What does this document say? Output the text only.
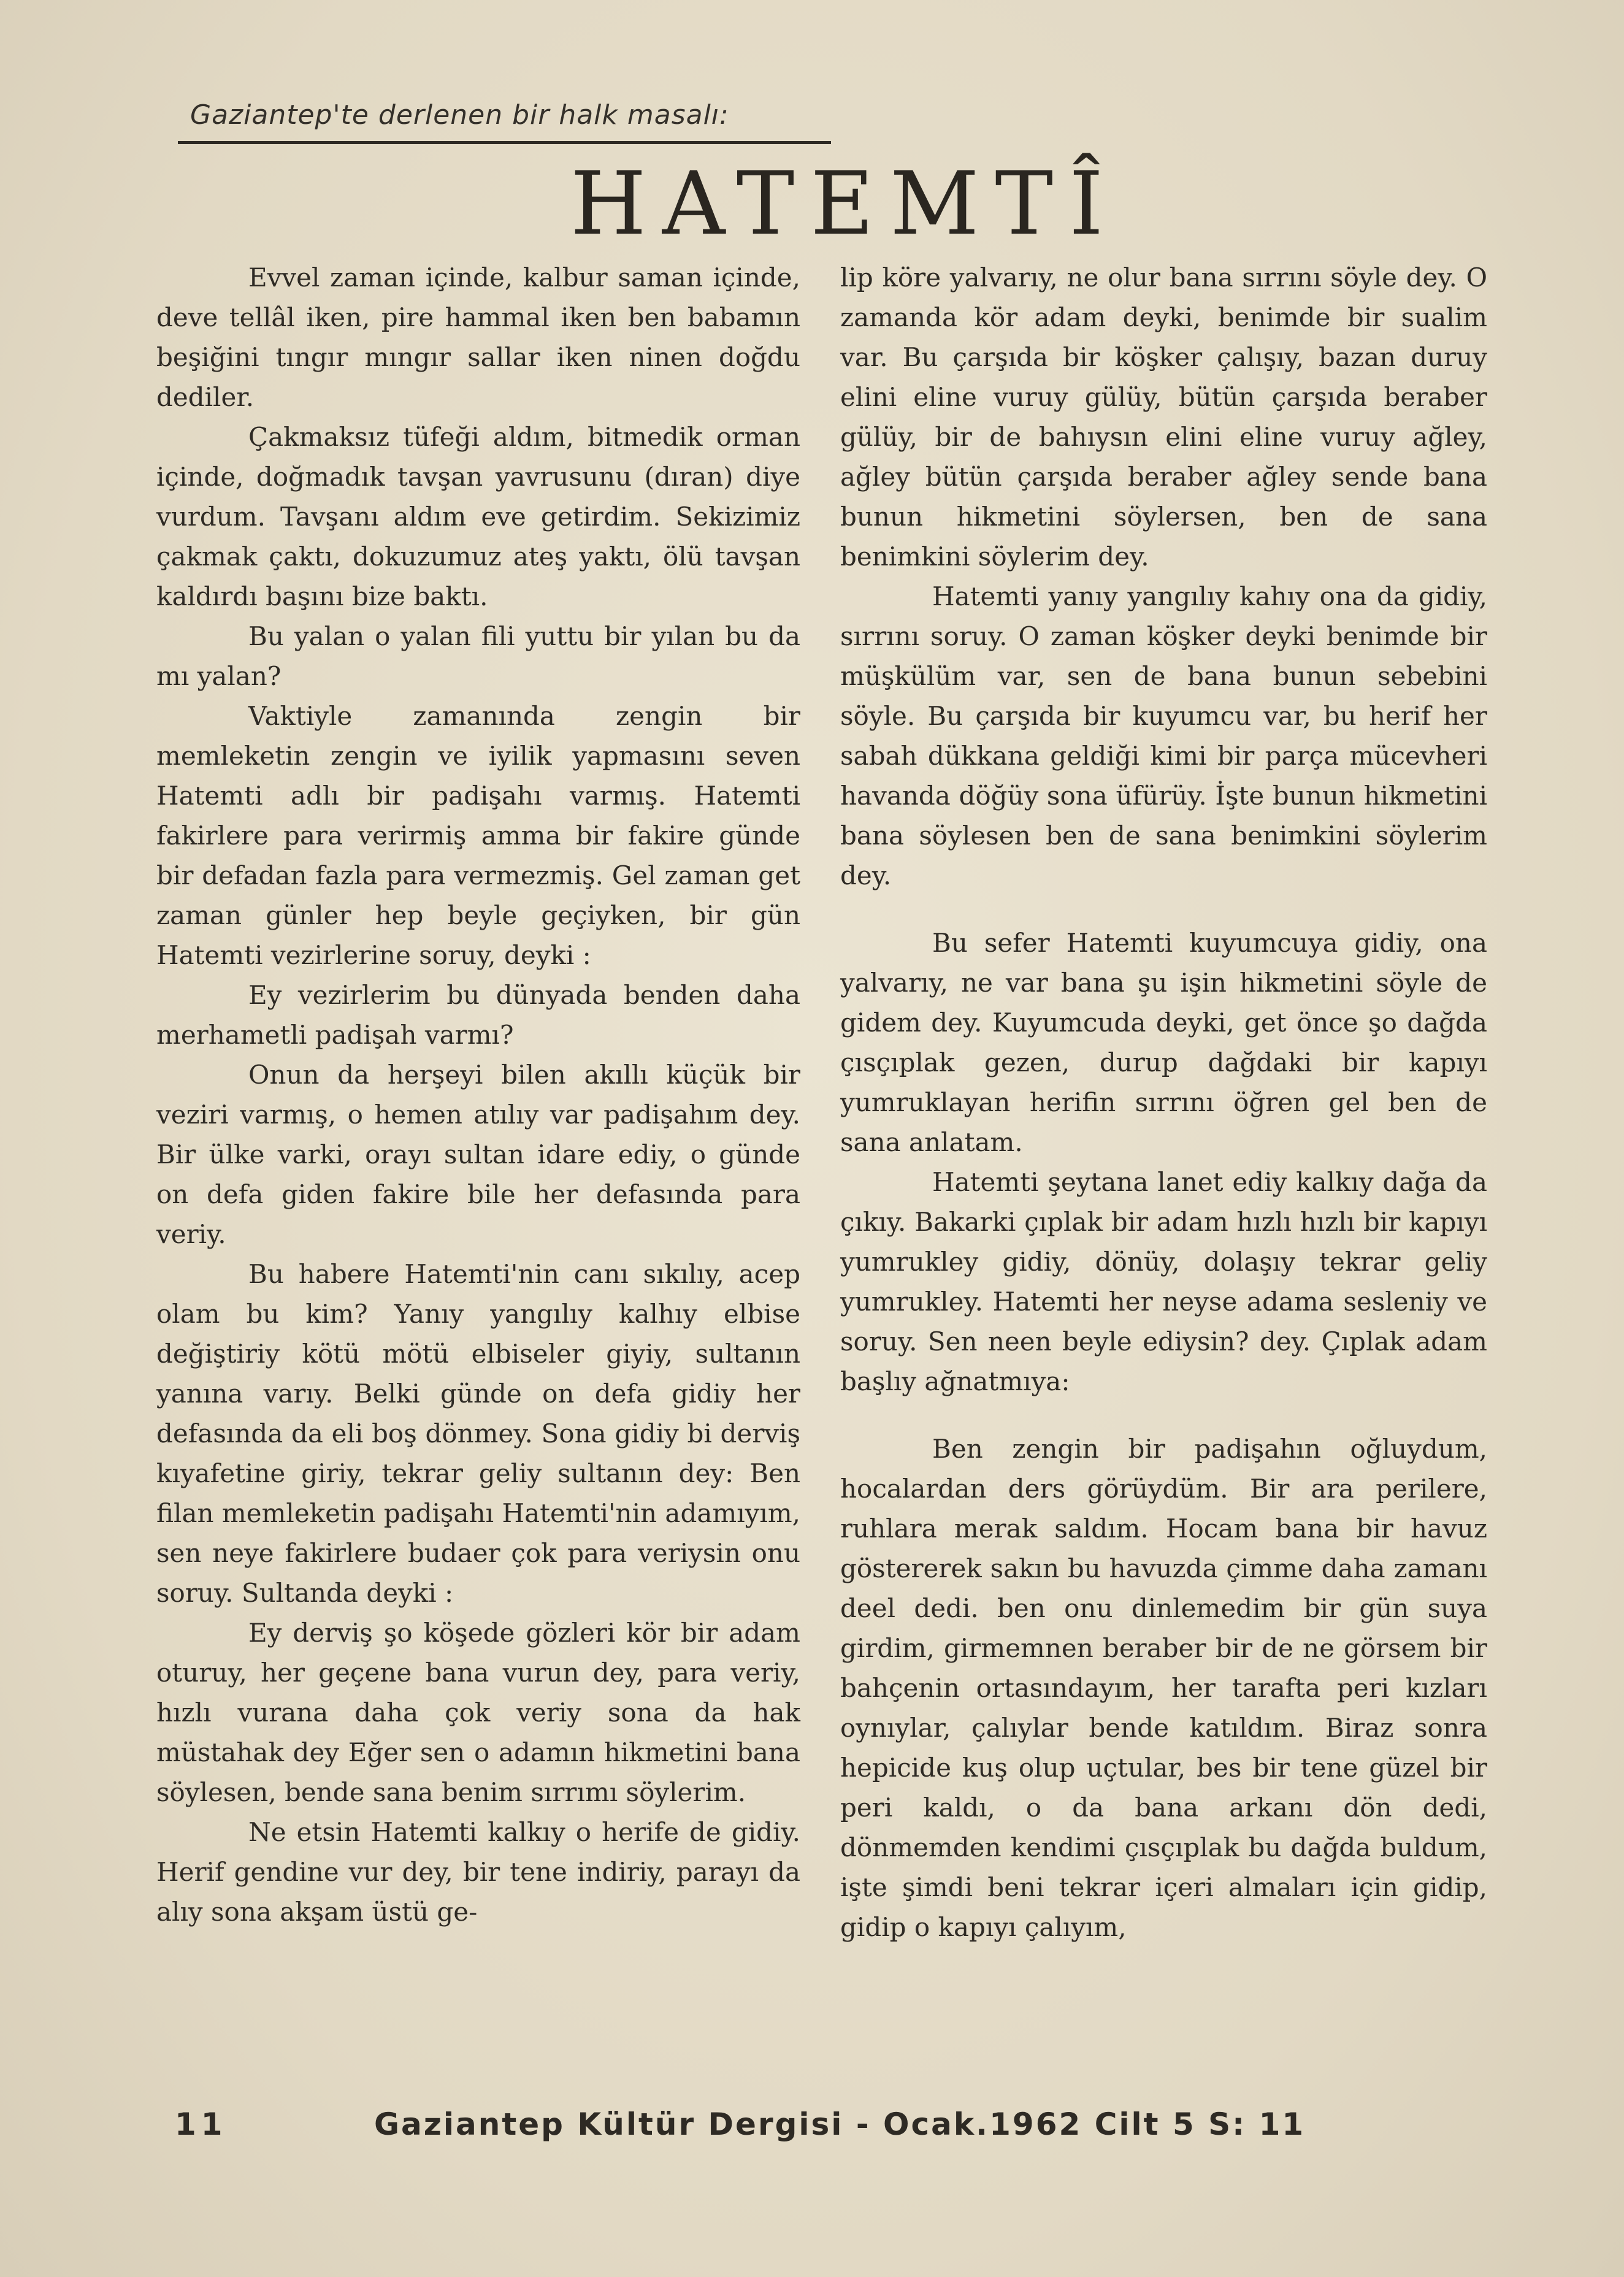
Gaziantep'te derlenen bir halk masalı:
HATEMTÎ

Evvel zaman içinde, kalbur saman içinde, deve tellâl iken, pire hammal iken ben babamın beşiğini tıngır mıngır sallar iken ninen doğdu dediler.

Çakmaksız tüfeği aldım, bitmedik orman içinde, doğmadık tavşan yavrusunu (dıran) diye vurdum. Tavşanı aldım eve getirdim. Sekizimiz çakmak çaktı, dokuzumuz ateş yaktı, ölü tavşan kaldırdı başını bize baktı.

Bu yalan o yalan fili yuttu bir yılan bu da mı yalan?

Vaktiyle zamanında zengin bir memleketin zengin ve iyilik yapmasını seven Hatemti adlı bir padişahı varmış. Hatemti fakirlere para verirmiş amma bir fakire günde bir defadan fazla para vermezmiş. Gel zaman get zaman günler hep beyle geçiyken, bir gün Hatemti vezirlerine soruy, deyki :

Ey vezirlerim bu dünyada benden daha merhametli padişah varmı?

Onun da herşeyi bilen akıllı küçük bir veziri varmış, o hemen atılıy var padişahım dey. Bir ülke varki, orayı sultan idare ediy, o günde on defa giden fakire bile her defasında para veriy.

Bu habere Hatemti'nin canı sıkılıy, acep olam bu kim? Yanıy yangılıy kalhıy elbise değiştiriy kötü mötü elbiseler giyiy, sultanın yanına varıy. Belki günde on defa gidiy her defasında da eli boş dönmey. Sona gidiy bi derviş kıyafetine giriy, tekrar geliy sultanın dey: Ben filan memleketin padişahı Hatemti'nin adamıyım, sen neye fakirlere budaer çok para veriysin onu soruy. Sultanda deyki :

Ey derviş şo köşede gözleri kör bir adam oturuy, her geçene bana vurun dey, para veriy, hızlı vurana daha çok veriy sona da hak müstahak dey Eğer sen o adamın hikmetini bana söylesen, bende sana benim sırrımı söylerim.

Ne etsin Hatemti kalkıy o herife de gidiy. Herif gendine vur dey, bir tene indiriy, parayı da alıy sona akşam üstü ge-

lip köre yalvarıy, ne olur bana sırrını söyle dey. O zamanda kör adam deyki, benimde bir sualim var. Bu çarşıda bir köşker çalışıy, bazan duruy elini eline vuruy gülüy, bütün çarşıda beraber gülüy, bir de bahıysın elini eline vuruy ağley, ağley bütün çarşıda beraber ağley sende bana bunun hikmetini söylersen, ben de sana benimkini söylerim dey.

Hatemti yanıy yangılıy kahıy ona da gidiy, sırrını soruy. O zaman köşker deyki benimde bir müşkülüm var, sen de bana bunun sebebini söyle. Bu çarşıda bir kuyumcu var, bu herif her sabah dükkana geldiği kimi bir parça mücevheri havanda döğüy sona üfürüy. İşte bunun hikmetini bana söylesen ben de sana benimkini söylerim dey.

Bu sefer Hatemti kuyumcuya gidiy, ona yalvarıy, ne var bana şu işin hikmetini söyle de gidem dey. Kuyumcuda deyki, get önce şo dağda çısçıplak gezen, durup dağdaki bir kapıyı yumruklayan herifin sırrını öğren gel ben de sana anlatam.

Hatemti şeytana lanet ediy kalkıy dağa da çıkıy. Bakarki çıplak bir adam hızlı hızlı bir kapıyı yumrukley gidiy, dönüy, dolaşıy tekrar geliy yumrukley. Hatemti her neyse adama sesleniy ve soruy. Sen neen beyle ediysin? dey. Çıplak adam başlıy ağnatmıya:

Ben zengin bir padişahın oğluydum, hocalardan ders görüydüm. Bir ara perilere, ruhlara merak saldım. Hocam bana bir havuz göstererek sakın bu havuzda çimme daha zamanı deel dedi. ben onu dinlemedim bir gün suya girdim, girmemnen beraber bir de ne görsem bir bahçenin ortasındayım, her tarafta peri kızları oynıylar, çalıylar bende katıldım. Biraz sonra hepicide kuş olup uçtular, bes bir tene güzel bir peri kaldı, o da bana arkanı dön dedi, dönmemden kendimi çısçıplak bu dağda buldum, işte şimdi beni tekrar içeri almaları için gidip, gidip o kapıyı çalıyım,

11	Gaziantep Kültür Dergisi - Ocak.1962 Cilt 5 S: 11
